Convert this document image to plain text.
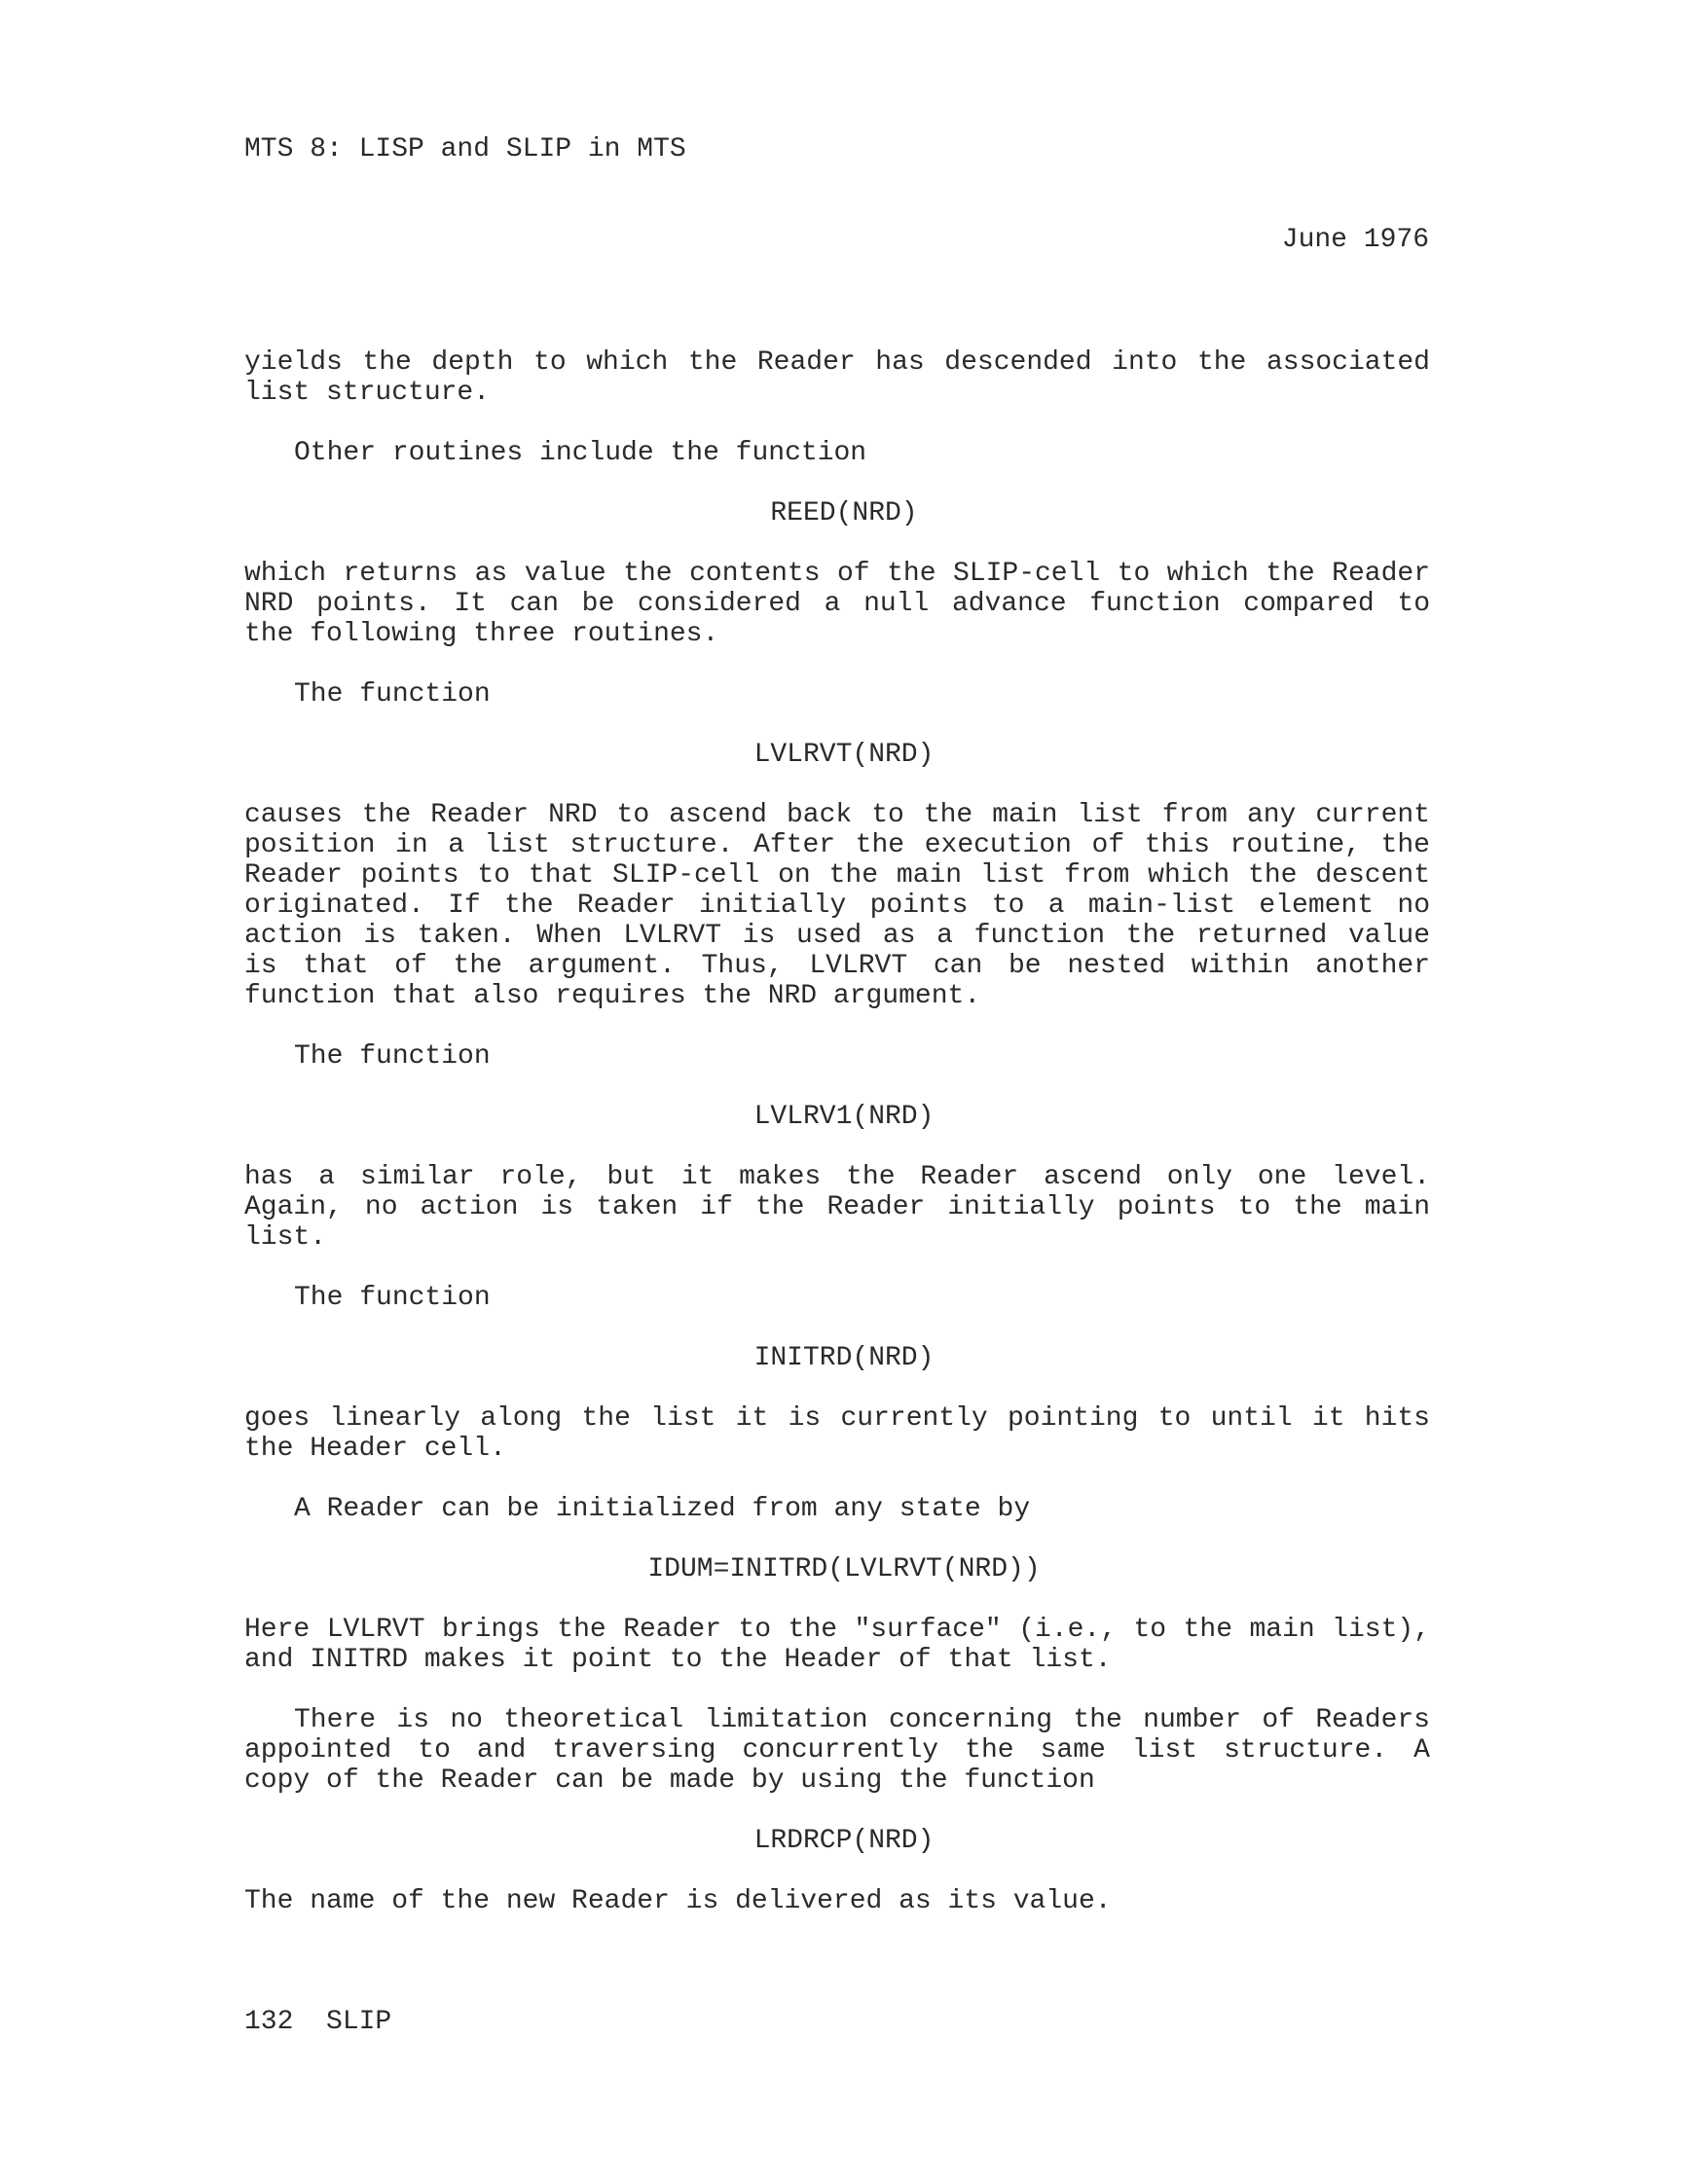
MTS 8: LISP and SLIP in MTS
June 1976
yields the depth to which the Reader has descended into the associated
list structure.
Other routines include the function
REED(NRD)
which returns as value the contents of the SLIP-cell to which the Reader
NRD points. It can be considered a null advance function compared to
the following three routines.
The function
LVLRVT(NRD)
causes the Reader NRD to ascend back to the main list from any current
position in a list structure. After the execution of this routine, the
Reader points to that SLIP-cell on the main list from which the descent
originated. If the Reader initially points to a main-list element no
action is taken. When LVLRVT is used as a function the returned value
is that of the argument. Thus, LVLRVT can be nested within another
function that also requires the NRD argument.
The function
LVLRV1(NRD)
has a similar role, but it makes the Reader ascend only one level.
Again, no action is taken if the Reader initially points to the main
list.
The function
INITRD(NRD)
goes linearly along the list it is currently pointing to until it hits
the Header cell.
A Reader can be initialized from any state by
IDUM=INITRD(LVLRVT(NRD))
Here LVLRVT brings the Reader to the "surface" (i.e., to the main list),
and INITRD makes it point to the Header of that list.
There is no theoretical limitation concerning the number of Readers
appointed to and traversing concurrently the same list structure. A
copy of the Reader can be made by using the function
LRDRCP(NRD)
The name of the new Reader is delivered as its value.
132  SLIP
